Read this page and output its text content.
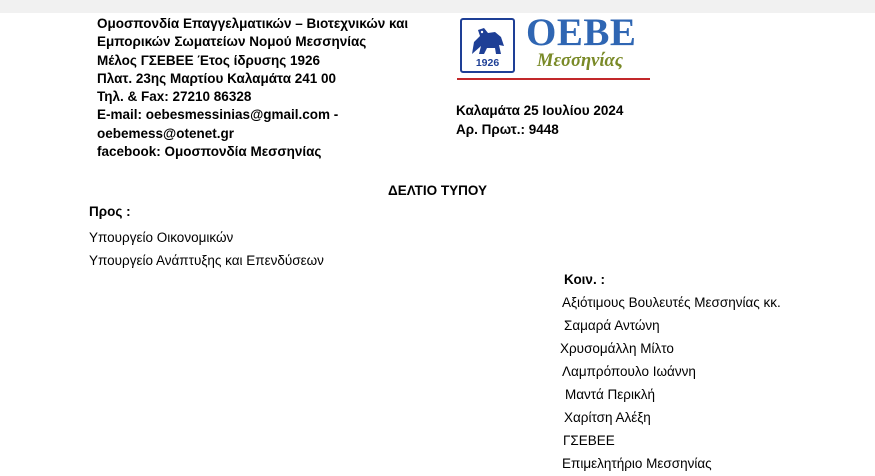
Ομοσπονδία Επαγγελματικών – Βιοτεχνικών και
Εμπορικών Σωματείων Νομού Μεσσηνίας
Μέλος ΓΣΕΒΕΕ Έτος ίδρυσης 1926
Πλατ. 23ης Μαρτίου Καλαμάτα 241 00
Τηλ. & Fax: 27210 86328
E-mail: oebesmessinias@gmail.com -
oebemess@otenet.gr
facebook: Ομοσπονδία Μεσσηνίας
1926
ΟΕΒΕ
Μεσσηνίας
Καλαμάτα 25 Ιουλίου 2024
Αρ. Πρωτ.: 9448
ΔΕΛΤΙΟ ΤΥΠΟΥ
Προς :
Υπουργείο Οικονομικών
Υπουργείο Ανάπτυξης και Επενδύσεων
Κοιν. :
Αξιότιμους Βουλευτές Μεσσηνίας κκ.
Σαμαρά Αντώνη
Χρυσομάλλη Μίλτο
Λαμπρόπουλο Ιωάννη
Μαντά Περικλή
Χαρίτση Αλέξη
ΓΣΕΒΕΕ
Επιμελητήριο Μεσσηνίας
